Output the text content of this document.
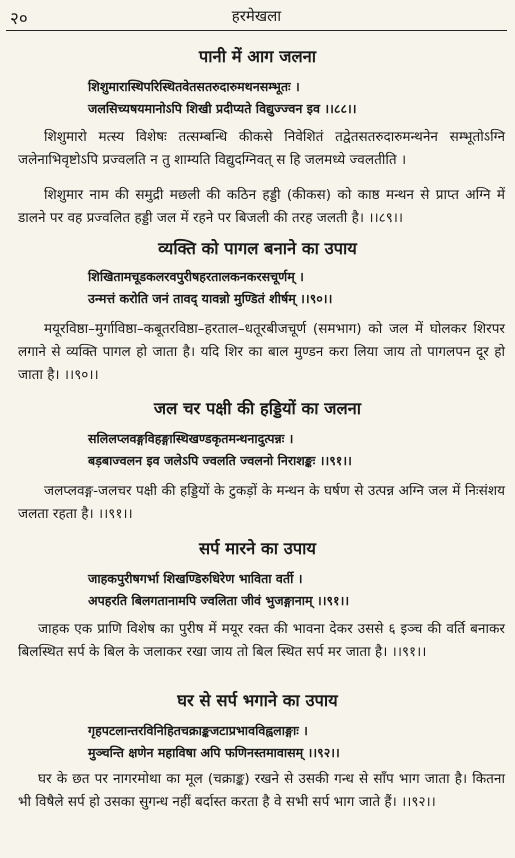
२०	हरमेखला
पानी में आग जलना
शिशुमारास्थिपरिस्थितवेतसतरुदारुमथनसम्भूतः ।
जलसिच्यषयमानोऽपि शिखी प्रदीप्यते विद्युज्ज्वन इव ।।८८।।

शिशुमारो मत्स्य विशेषः तत्सम्बन्धि कीकसे निवेशितं तद्वेतसतरुदारुमन्थनेन सम्भूतोऽग्नि जलेनाभिवृष्टोऽपि प्रज्वलति न तु शाम्यति विद्युदग्निवत् स हि जलमध्ये ज्वलतीति ।

शिशुमार नाम की समुद्री मछली की कठिन हड्डी (कीकस) को काष्ठ मन्थन से प्राप्त अग्नि में डालने पर वह प्रज्वलित हड्डी जल में रहने पर बिजली की तरह जलती है। ।।८९।।

व्यक्ति को पागल बनाने का उपाय
शिखितामचूडकलरवपुरीषहरतालकनकरसचूर्णम् ।
उन्मत्तं करोति जनं तावद् यावन्नो मुण्डितं शीर्षम् ।।९०।।

मयूरविष्ठा–मुर्गाविष्ठा–कबूतरविष्ठा–हरताल–धतूरबीजचूर्ण (समभाग) को जल में घोलकर शिरपर लगाने से व्यक्ति पागल हो जाता है। यदि शिर का बाल मुण्डन करा लिया जाय तो पागलपन दूर हो जाता है। ।।९०।।

जल चर पक्षी की हड्डियों का जलना
सलिलप्लवङ्गविहङ्गास्थिखण्डकृतमन्थनादुत्पन्नः ।
बड़बाज्वलन इव जलेऽपि ज्वलति ज्वलनो निराशङ्कः ।।९१।।

जलप्लवङ्ग-जलचर पक्षी की हड्डियों के टुकड़ों के मन्थन के घर्षण से उत्पन्न अग्नि जल में निःसंशय जलता रहता है। ।।९१।।

सर्प मारने का उपाय
जाहकपुरीषगर्भा शिखण्डिरुधिरेण भाविता वर्ती ।
अपहरति बिलगतानामपि ज्वलिता जीवं भुजङ्गानाम् ।।९१।।

जाहक एक प्राणि विशेष का पुरीष में मयूर रक्त की भावना देकर उससे ६ इञ्च की वर्ति बनाकर बिलस्थित सर्प के बिल के जलाकर रखा जाय तो बिल स्थित सर्प मर जाता है। ।।९१।।

घर से सर्प भगाने का उपाय
गृहपटलान्तरविनिहितचक्राङ्कजटाप्रभावविह्वलाङ्गाः ।
मुञ्चन्ति क्षणेन महाविषा अपि फणिनस्तमावासम् ।।९२।।

घर के छत पर नागरमोथा का मूल (चक्राङ्क) रखने से उसकी गन्ध से साँप भाग जाता है। कितना भी विषैले सर्प हो उसका सुगन्ध नहीं बर्दास्त करता है वे सभी सर्प भाग जाते हैं। ।।९२।।
